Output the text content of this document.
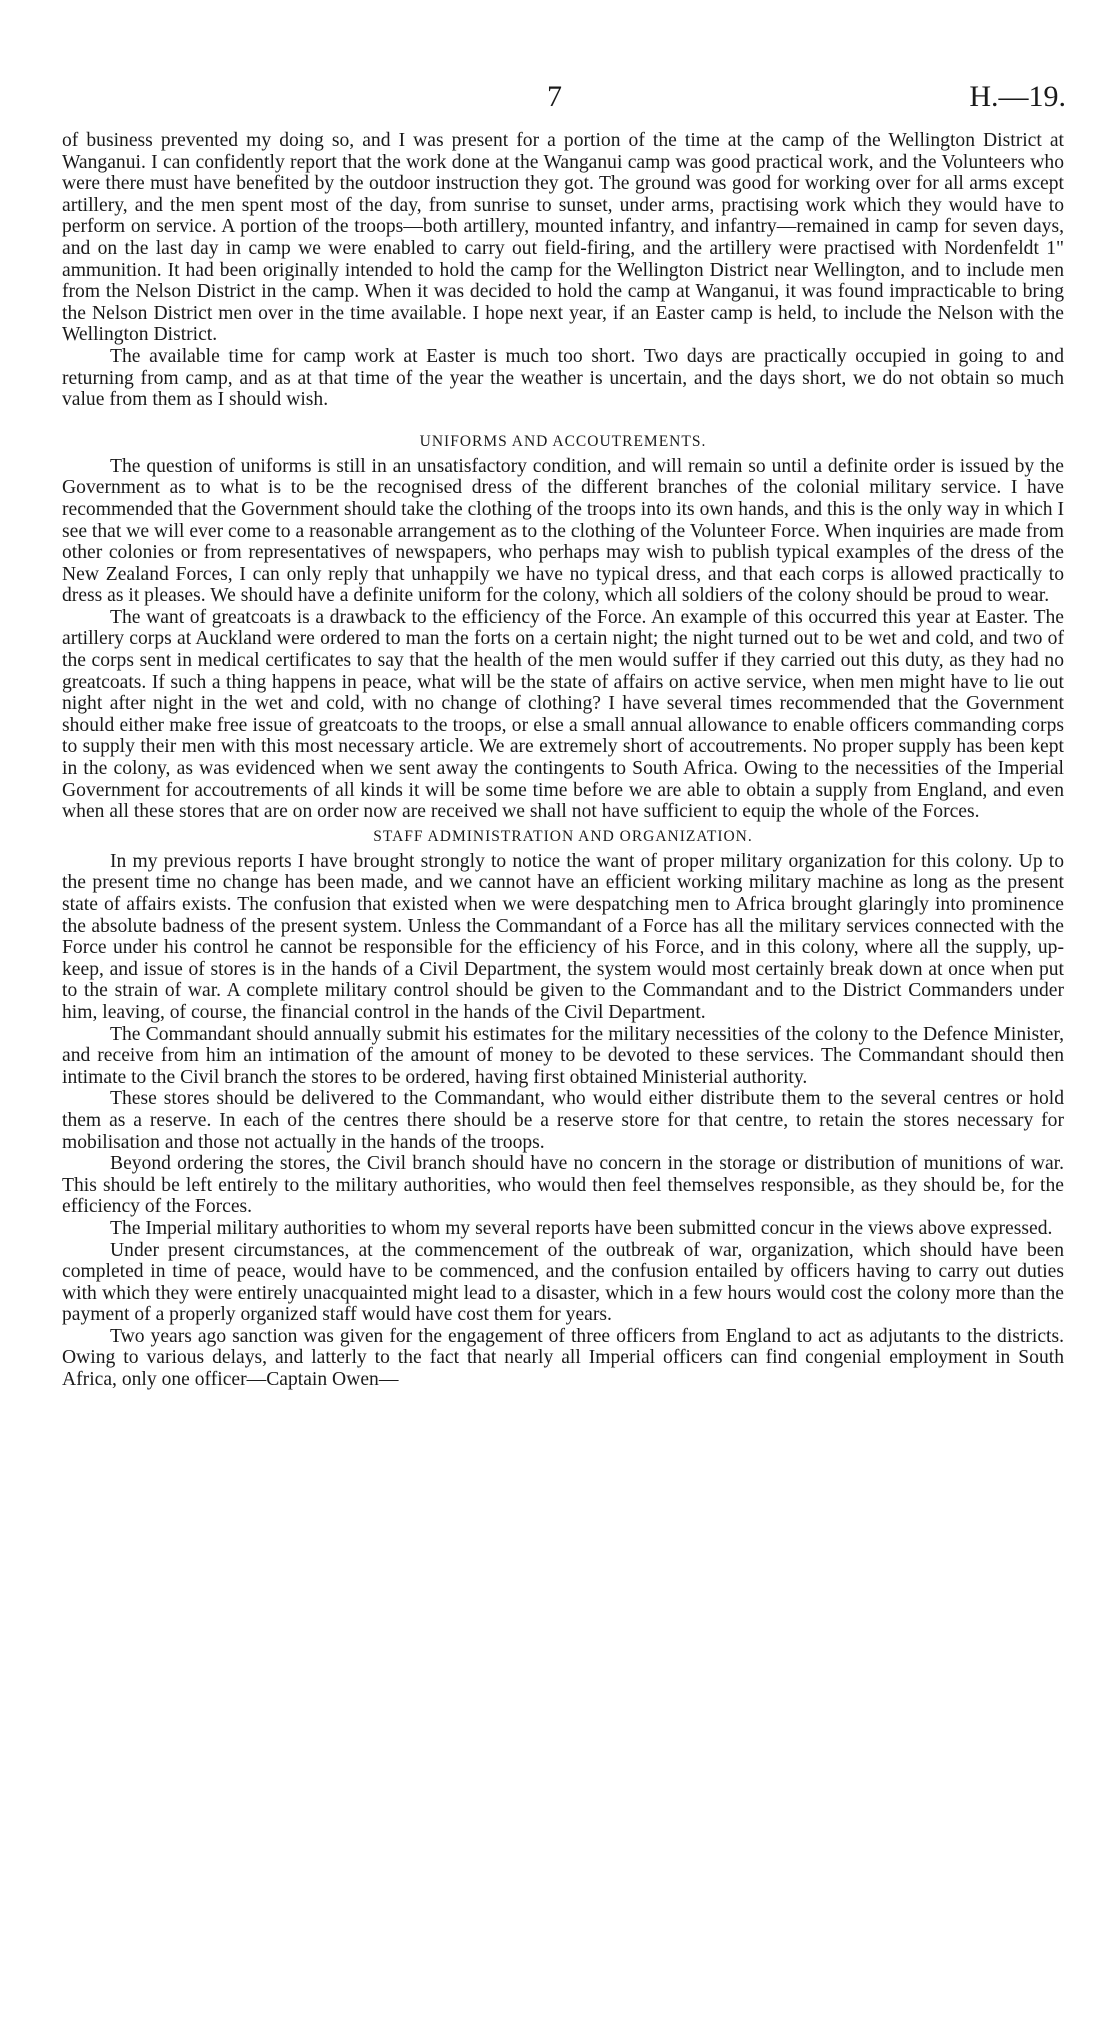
7	H.—19.

of business prevented my doing so, and I was present for a portion of the time at the camp of the Wellington District at Wanganui. I can confidently report that the work done at the Wanganui camp was good practical work, and the Volunteers who were there must have benefited by the outdoor instruction they got. The ground was good for working over for all arms except artillery, and the men spent most of the day, from sunrise to sunset, under arms, practising work which they would have to perform on service. A portion of the troops—both artillery, mounted infantry, and infantry—remained in camp for seven days, and on the last day in camp we were enabled to carry out field-firing, and the artillery were practised with Nordenfeldt 1" ammunition. It had been originally intended to hold the camp for the Wellington District near Wellington, and to include men from the Nelson District in the camp. When it was decided to hold the camp at Wanganui, it was found impracticable to bring the Nelson District men over in the time available. I hope next year, if an Easter camp is held, to include the Nelson with the Wellington District.

The available time for camp work at Easter is much too short. Two days are practically occupied in going to and returning from camp, and as at that time of the year the weather is uncertain, and the days short, we do not obtain so much value from them as I should wish.

UNIFORMS AND ACCOUTREMENTS.

The question of uniforms is still in an unsatisfactory condition, and will remain so until a definite order is issued by the Government as to what is to be the recognised dress of the different branches of the colonial military service. I have recommended that the Government should take the clothing of the troops into its own hands, and this is the only way in which I see that we will ever come to a reasonable arrangement as to the clothing of the Volunteer Force. When inquiries are made from other colonies or from representatives of newspapers, who perhaps may wish to publish typical examples of the dress of the New Zealand Forces, I can only reply that unhappily we have no typical dress, and that each corps is allowed practically to dress as it pleases. We should have a definite uniform for the colony, which all soldiers of the colony should be proud to wear.

The want of greatcoats is a drawback to the efficiency of the Force. An example of this occurred this year at Easter. The artillery corps at Auckland were ordered to man the forts on a certain night; the night turned out to be wet and cold, and two of the corps sent in medical certificates to say that the health of the men would suffer if they carried out this duty, as they had no greatcoats. If such a thing happens in peace, what will be the state of affairs on active service, when men might have to lie out night after night in the wet and cold, with no change of clothing? I have several times recommended that the Government should either make free issue of greatcoats to the troops, or else a small annual allowance to enable officers commanding corps to supply their men with this most necessary article. We are extremely short of accoutrements. No proper supply has been kept in the colony, as was evidenced when we sent away the contingents to South Africa. Owing to the necessities of the Imperial Government for accoutrements of all kinds it will be some time before we are able to obtain a supply from England, and even when all these stores that are on order now are received we shall not have sufficient to equip the whole of the Forces.

STAFF ADMINISTRATION AND ORGANIZATION.

In my previous reports I have brought strongly to notice the want of proper military organization for this colony. Up to the present time no change has been made, and we cannot have an efficient working military machine as long as the present state of affairs exists. The confusion that existed when we were despatching men to Africa brought glaringly into prominence the absolute badness of the present system. Unless the Commandant of a Force has all the military services connected with the Force under his control he cannot be responsible for the efficiency of his Force, and in this colony, where all the supply, up-keep, and issue of stores is in the hands of a Civil Department, the system would most certainly break down at once when put to the strain of war. A complete military control should be given to the Commandant and to the District Commanders under him, leaving, of course, the financial control in the hands of the Civil Department.

The Commandant should annually submit his estimates for the military necessities of the colony to the Defence Minister, and receive from him an intimation of the amount of money to be devoted to these services. The Commandant should then intimate to the Civil branch the stores to be ordered, having first obtained Ministerial authority.

These stores should be delivered to the Commandant, who would either distribute them to the several centres or hold them as a reserve. In each of the centres there should be a reserve store for that centre, to retain the stores necessary for mobilisation and those not actually in the hands of the troops.

Beyond ordering the stores, the Civil branch should have no concern in the storage or distribution of munitions of war. This should be left entirely to the military authorities, who would then feel themselves responsible, as they should be, for the efficiency of the Forces.

The Imperial military authorities to whom my several reports have been submitted concur in the views above expressed.

Under present circumstances, at the commencement of the outbreak of war, organization, which should have been completed in time of peace, would have to be commenced, and the confusion entailed by officers having to carry out duties with which they were entirely unacquainted might lead to a disaster, which in a few hours would cost the colony more than the payment of a properly organized staff would have cost them for years.

Two years ago sanction was given for the engagement of three officers from England to act as adjutants to the districts. Owing to various delays, and latterly to the fact that nearly all Imperial officers can find congenial employment in South Africa, only one officer—Captain Owen—
